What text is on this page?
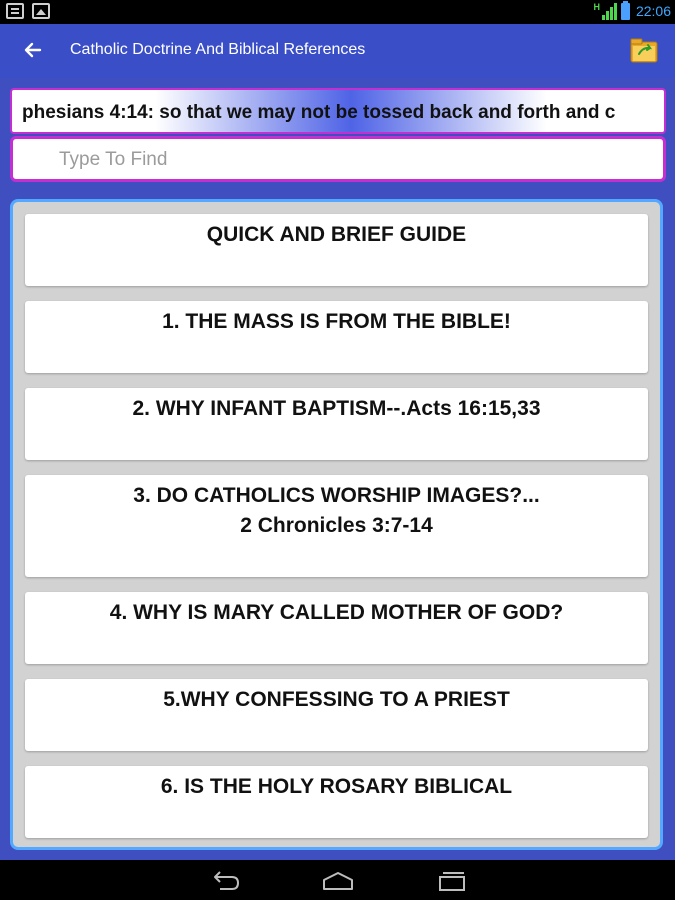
H	22:06
Catholic Doctrine And Biblical References
phesians 4:14: so that we may not be tossed back and forth and c
Type To Find
QUICK AND BRIEF GUIDE
1. THE MASS IS FROM THE BIBLE!
2. WHY INFANT BAPTISM--.Acts 16:15,33
3. DO CATHOLICS WORSHIP IMAGES?...
2 Chronicles 3:7-14
4. WHY IS MARY CALLED MOTHER OF GOD?
5.WHY CONFESSING TO A PRIEST
6. IS THE HOLY ROSARY BIBLICAL
